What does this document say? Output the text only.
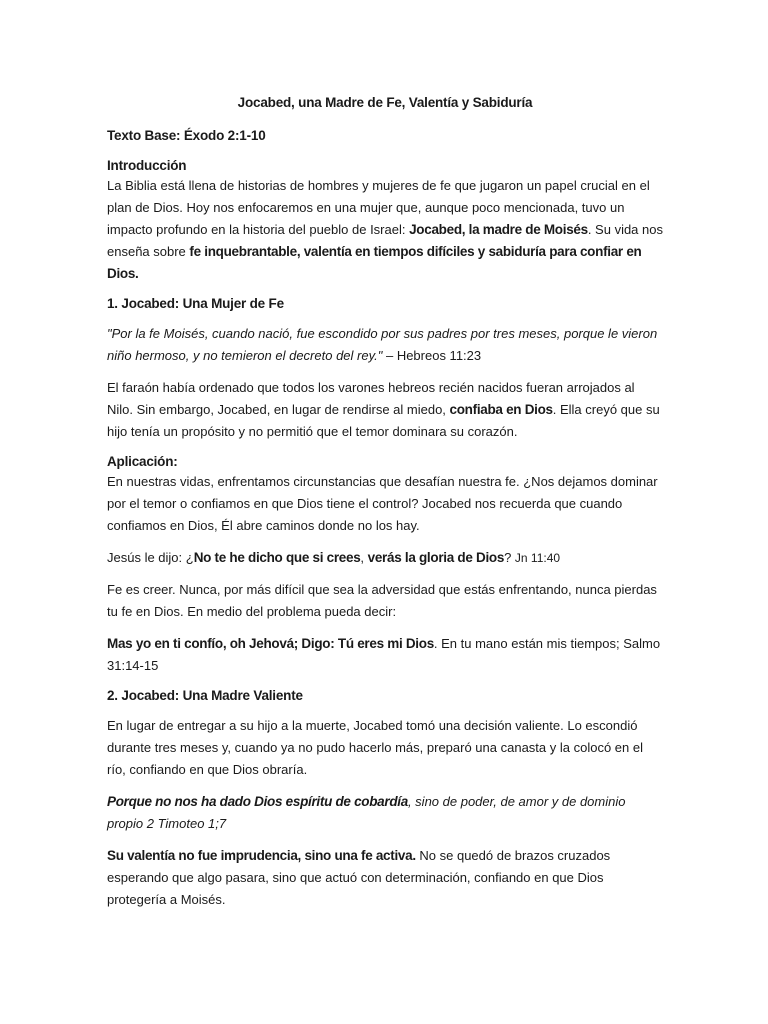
Jocabed, una Madre de Fe, Valentía y Sabiduría

Texto Base: Éxodo 2:1-10

Introducción

La Biblia está llena de historias de hombres y mujeres de fe que jugaron un papel crucial en el plan de Dios. Hoy nos enfocaremos en una mujer que, aunque poco mencionada, tuvo un impacto profundo en la historia del pueblo de Israel: Jocabed, la madre de Moisés. Su vida nos enseña sobre fe inquebrantable, valentía en tiempos difíciles y sabiduría para confiar en Dios.

1. Jocabed: Una Mujer de Fe

"Por la fe Moisés, cuando nació, fue escondido por sus padres por tres meses, porque le vieron niño hermoso, y no temieron el decreto del rey." – Hebreos 11:23

El faraón había ordenado que todos los varones hebreos recién nacidos fueran arrojados al Nilo. Sin embargo, Jocabed, en lugar de rendirse al miedo, confiaba en Dios. Ella creyó que su hijo tenía un propósito y no permitió que el temor dominara su corazón.

Aplicación:

En nuestras vidas, enfrentamos circunstancias que desafían nuestra fe. ¿Nos dejamos dominar por el temor o confiamos en que Dios tiene el control? Jocabed nos recuerda que cuando confiamos en Dios, Él abre caminos donde no los hay.

Jesús le dijo: ¿No te he dicho que si crees, verás la gloria de Dios? Jn 11:40

Fe es creer. Nunca, por más difícil que sea la adversidad que estás enfrentando, nunca pierdas tu fe en Dios. En medio del problema pueda decir:

Mas yo en ti confío, oh Jehová; Digo: Tú eres mi Dios. En tu mano están mis tiempos; Salmo 31:14-15

2. Jocabed: Una Madre Valiente

En lugar de entregar a su hijo a la muerte, Jocabed tomó una decisión valiente. Lo escondió durante tres meses y, cuando ya no pudo hacerlo más, preparó una canasta y la colocó en el río, confiando en que Dios obraría.

Porque no nos ha dado Dios espíritu de cobardía, sino de poder, de amor y de dominio propio 2 Timoteo 1;7

Su valentía no fue imprudencia, sino una fe activa. No se quedó de brazos cruzados esperando que algo pasara, sino que actuó con determinación, confiando en que Dios protegería a Moisés.
